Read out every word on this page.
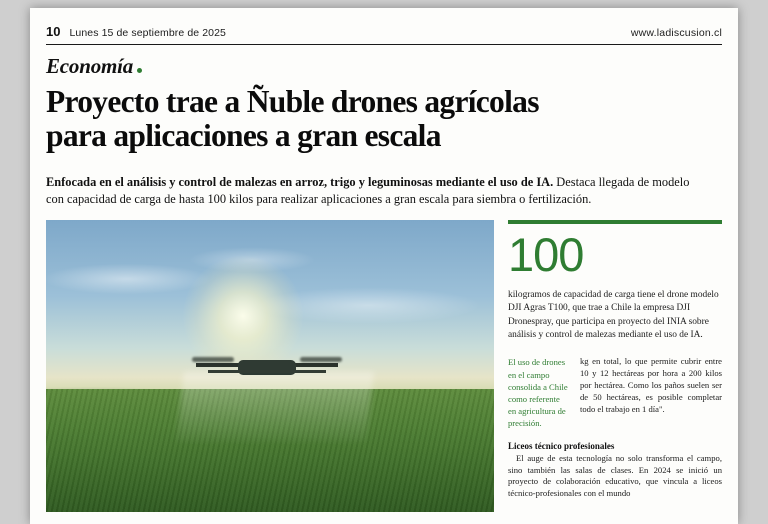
10 Lunes 15 de septiembre de 2025	www.ladiscusion.cl
Economía
Proyecto trae a Ñuble drones agrícolas
para aplicaciones a gran escala

Enfocada en el análisis y control de malezas en arroz, trigo y leguminosas mediante el uso de IA. Destaca llegada de modelo con capacidad de carga de hasta 100 kilos para realizar aplicaciones a gran escala para siembra o fertilización.

100
kilogramos de capacidad de carga tiene el drone modelo DJI Agras T100, que trae a Chile la empresa DJI Dronespray, que participa en proyecto del INIA sobre análisis y control de malezas mediante el uso de IA.
El uso de drones en el campo consolida a Chile como referente en agricultura de precisión.
kg en total, lo que permite cubrir entre 10 y 12 hectáreas por hora a 200 kilos por hectárea. Como los paños suelen ser de 50 hectáreas, es posible completar todo el trabajo en 1 día".
Liceos técnico profesionales
El auge de esta tecnología no solo transforma el campo, sino también las salas de clases. En 2024 se inició un proyecto de colaboración educativo, que vincula a liceos técnico-profesionales con el mundo
